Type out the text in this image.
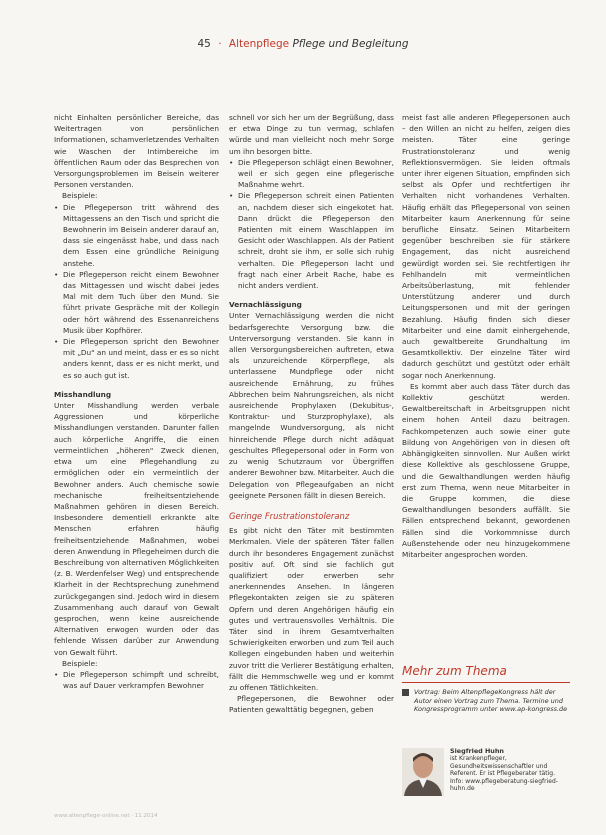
45 · Altenpflege Pflege und Begleitung

nicht Einhalten persönlicher Bereiche, das Weitertragen von persönlichen Informationen, schamverletzendes Verhalten wie Waschen der Intimbereiche im öffentlichen Raum oder das Besprechen von Versorgungsproblemen im Beisein weiterer Personen verstanden.

Beispiele:

• Die Pflegeperson tritt während des Mittagessens an den Tisch und spricht die Bewohnerin im Beisein anderer darauf an, dass sie eingenässt habe, und dass nach dem Essen eine gründliche Reinigung anstehe.
• Die Pflegeperson reicht einem Bewohner das Mittagessen und wischt dabei jedes Mal mit dem Tuch über den Mund. Sie führt private Gespräche mit der Kollegin oder hört während des Essenanreichens Musik über Kopfhörer.
• Die Pflegeperson spricht den Bewohner mit „Du" an und meint, dass er es so nicht anders kennt, dass er es nicht merkt, und es so auch gut ist.

Misshandlung

Unter Misshandlung werden verbale Aggressionen und körperliche Misshandlungen verstanden. Darunter fallen auch körperliche Angriffe, die einen vermeintlichen „höheren" Zweck dienen, etwa um eine Pflegehandlung zu ermöglichen oder ein vermeintlich der Bewohner anders. Auch chemische sowie mechanische freiheitsentziehende Maßnahmen gehören in diesen Bereich. Insbesondere dementiell erkrankte alte Menschen erfahren häufig freiheitsentziehende Maßnahmen, wobei deren Anwendung in Pflegeheimen durch die Beschreibung von alternativen Möglichkeiten (z. B. Werdenfelser Weg) und entsprechende Klarheit in der Rechtsprechung zunehmend zurückgegangen sind. Jedoch wird in diesem Zusammenhang auch darauf von Gewalt gesprochen, wenn keine ausreichende Alternativen erwogen wurden oder das fehlende Wissen darüber zur Anwendung von Gewalt führt.

Beispiele:

• Die Pflegeperson schimpft und schreibt, was auf Dauer verkrampfen Bewohner

schnell vor sich her um der Begrüßung, dass er etwa Dinge zu tun vermag, schlafen würde und man vielleicht noch mehr Sorge um ihn besorgen bitte.

• Die Pflegeperson schlägt einen Bewohner, weil er sich gegen eine pflegerische Maßnahme wehrt.
• Die Pflegeperson schreit einen Patienten an, nachdem dieser sich eingekotet hat. Dann drückt die Pflegeperson den Patienten mit einem Waschlappen im Gesicht oder Waschlappen. Als der Patient schreit, droht sie ihm, er solle sich ruhig verhalten. Die Pflegeperson lacht und fragt nach einer Arbeit Rache, habe es nicht anders verdient.

Vernachlässigung

Unter Vernachlässigung werden die nicht bedarfsgerechte Versorgung bzw. die Unterversorgung verstanden. Sie kann in allen Versorgungsbereichen auftreten, etwa als unzureichende Körperpflege, als unterlassene Mundpflege oder nicht ausreichende Ernährung, zu frühes Abbrechen beim Nahrungsreichen, als nicht ausreichende Prophylaxen (Dekubitus-, Kontraktur- und Sturzprophylaxe), als mangelnde Wundversorgung, als nicht hinreichende Pflege durch nicht adäquat geschultes Pflegepersonal oder in Form von zu wenig Schutzraum vor Übergriffen anderer Bewohner bzw. Mitarbeiter. Auch die Delegation von Pflegeaufgaben an nicht geeignete Personen fällt in diesen Bereich.

Geringe Frustrationstoleranz

Es gibt nicht den Täter mit bestimmten Merkmalen. Viele der späteren Täter fallen durch ihr besonderes Engagement zunächst positiv auf. Oft sind sie fachlich gut qualifiziert oder erwerben sehr anerkennendes Ansehen. In längeren Pflegekontakten zeigen sie zu späteren Opfern und deren Angehörigen häufig ein gutes und vertrauensvolles Verhältnis. Die Täter sind in ihrem Gesamtverhalten Schwierigkeiten erworben und zum Teil auch Kollegen eingebunden haben und weiterhin zuvor tritt die Verlierer Bestätigung erhalten, fällt die Hemmschwelle weg und er kommt zu offenen Tätlichkeiten.

Pflegepersonen, die Bewohner oder Patienten gewalttätig begegnen, geben

meist fast alle anderen Pflegepersonen auch – den Willen an nicht zu helfen, zeigen dies meisten. Täter eine geringe Frustrationstoleranz und wenig Reflektionsvermögen. Sie leiden oftmals unter ihrer eigenen Situation, empfinden sich selbst als Opfer und rechtfertigen ihr Verhalten nicht vorhandenes Verhalten. Häufig erhält das Pflegepersonal von seinen Mitarbeiter kaum Anerkennung für seine berufliche Einsatz. Seinen Mitarbeitern gegenüber beschreiben sie für stärkere Engagement, das nicht ausreichend gewürdigt worden sei. Sie rechtfertigen ihr Fehlhandeln mit vermeintlichen Arbeitsüberlastung, mit fehlender Unterstützung anderer und durch Leitungspersonen und mit der geringen Bezahlung. Häufig finden sich dieser Mitarbeiter und eine damit einhergehende, auch gewaltbereite Grundhaltung im Gesamtkollektiv. Der einzelne Täter wird dadurch geschützt und gestützt oder erhält sogar noch Anerkennung.

Es kommt aber auch dass Täter durch das Kollektiv geschützt werden. Gewaltbereitschaft in Arbeitsgruppen nicht einem hohen Anteil dazu beitragen. Fachkompetenzen auch sowie einer gute Bildung von Angehörigen von in diesen oft Abhängigkeiten sinnvollen. Nur Außen wirkt diese Kollektive als geschlossene Gruppe, und die Gewalthandlungen werden häufig erst zum Thema, wenn neue Mitarbeiter in die Gruppe kommen, die diese Gewalthandlungen besonders auffällt. Sie Fällen entsprechend bekannt, gewordenen Fällen sind die Vorkommnisse durch Außenstehende oder neu hinzugekommene Mitarbeiter angesprochen worden.

Mehr zum Thema
Vortrag: Beim AltenpflegeKongress hält der Autor einen Vortrag zum Thema. Termine und Kongressprogramm unter www.ap-kongress.de
Siegfried Huhn
ist Krankenpfleger, Gesundheitswissenschaftler und Referent. Er ist Pflegeberater tätig. Info: www.pflegeberatung-siegfried-huhn.de
www.altenpflege-online.net · 11.2014
